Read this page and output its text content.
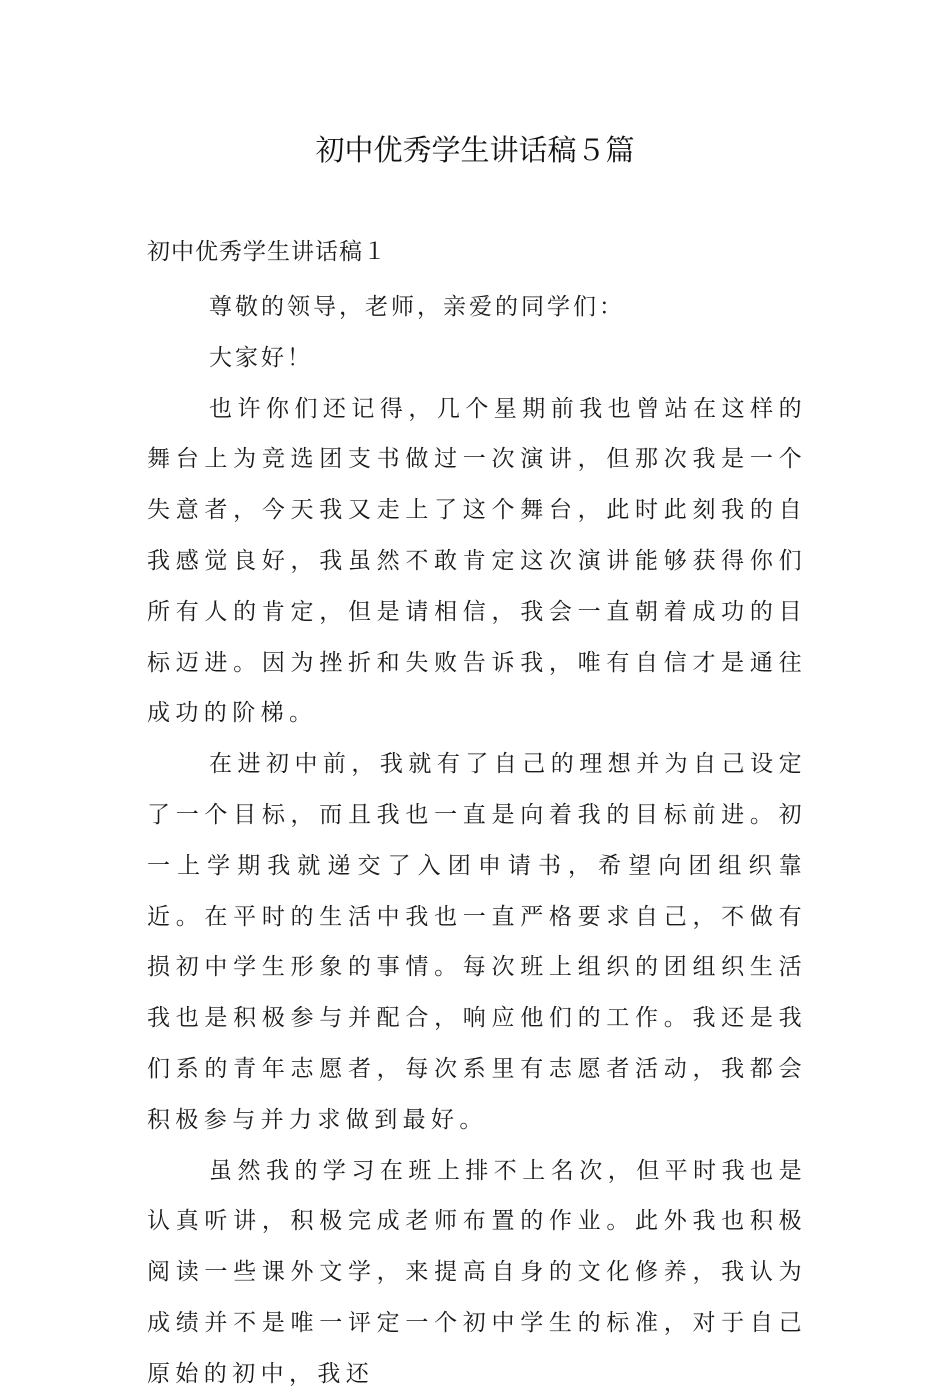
初中优秀学生讲话稿５篇
初中优秀学生讲话稿１

尊敬的领导，老师，亲爱的同学们：

大家好！

也许你们还记得，几个星期前我也曾站在这样的舞台上为竞选团支书做过一次演讲，但那次我是一个失意者，今天我又走上了这个舞台，此时此刻我的自我感觉良好，我虽然不敢肯定这次演讲能够获得你们所有人的肯定，但是请相信，我会一直朝着成功的目标迈进。因为挫折和失败告诉我，唯有自信才是通往成功的阶梯。

在进初中前，我就有了自己的理想并为自己设定了一个目标，而且我也一直是向着我的目标前进。初一上学期我就递交了入团申请书，希望向团组织靠近。在平时的生活中我也一直严格要求自己，不做有损初中学生形象的事情。每次班上组织的团组织生活我也是积极参与并配合，响应他们的工作。我还是我们系的青年志愿者，每次系里有志愿者活动，我都会积极参与并力求做到最好。

虽然我的学习在班上排不上名次，但平时我也是认真听讲，积极完成老师布置的作业。此外我也积极阅读一些课外文学，来提高自身的文化修养，我认为成绩并不是唯一评定一个初中学生的标准，对于自己原始的初中，我还
